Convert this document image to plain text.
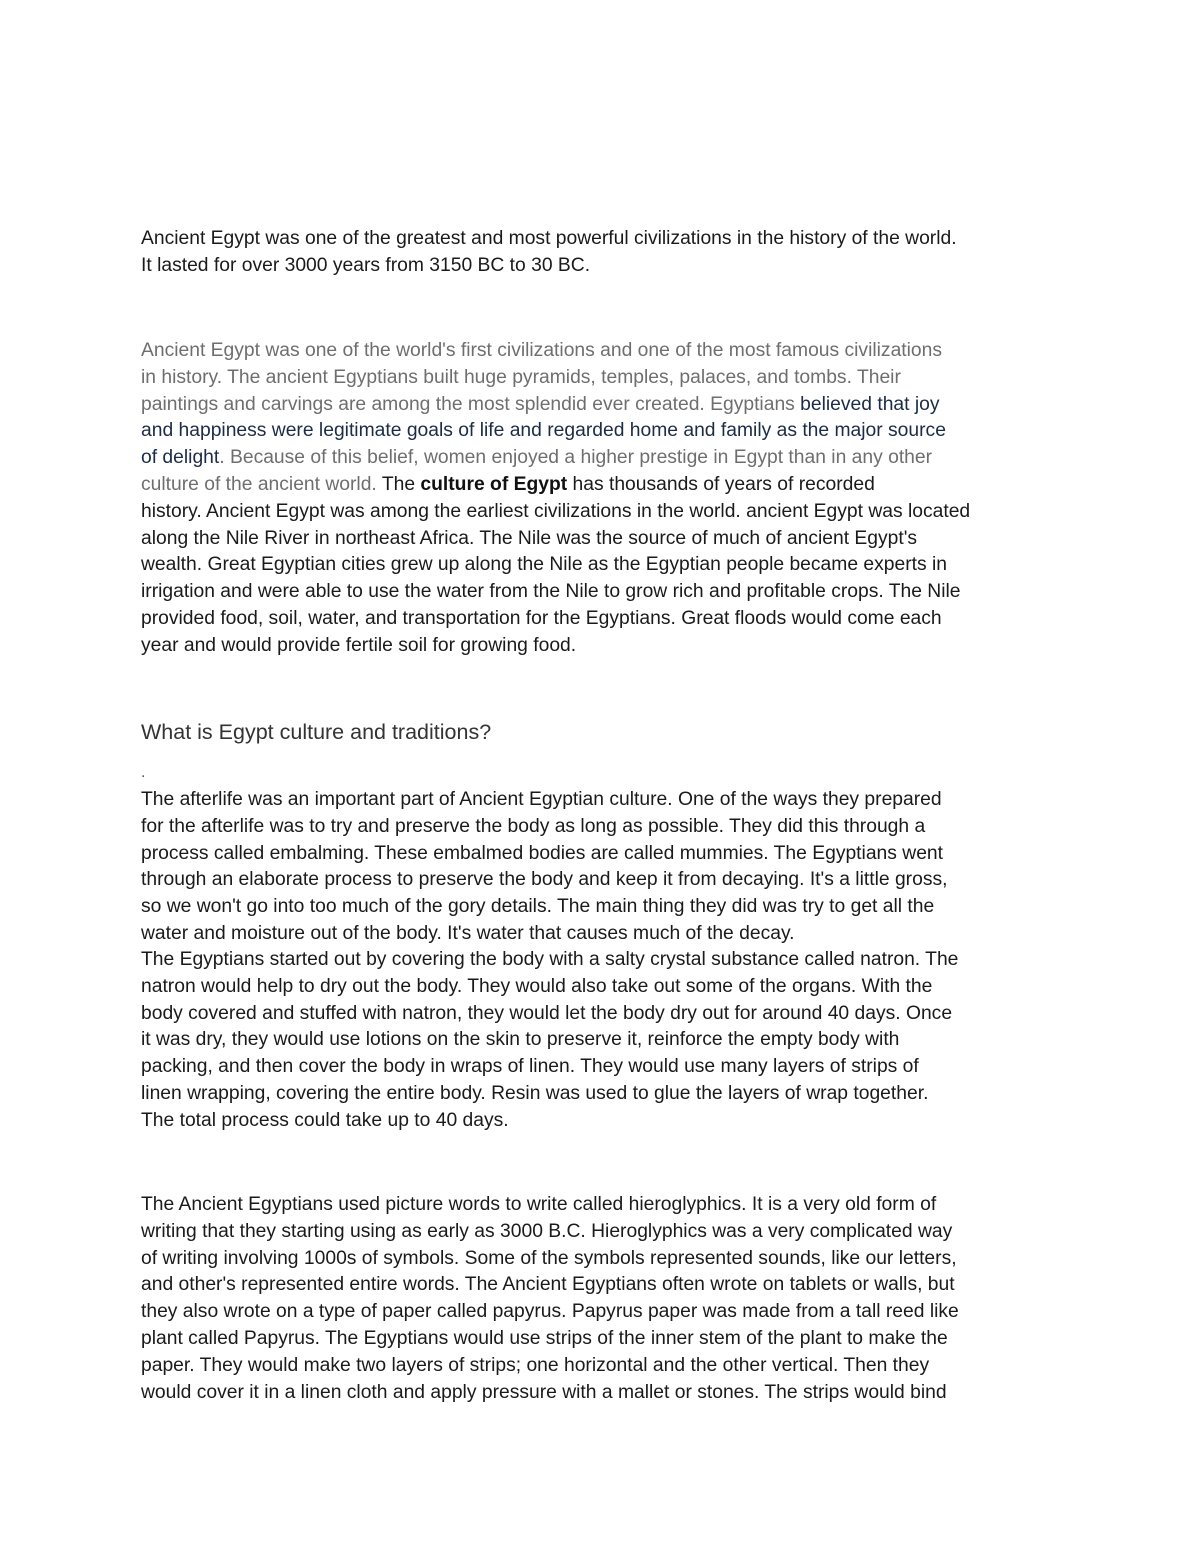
Ancient Egypt was one of the greatest and most powerful civilizations in the history of the world.
It lasted for over 3000 years from 3150 BC to 30 BC.

Ancient Egypt was one of the world's first civilizations and one of the most famous civilizations
in history. The ancient Egyptians built huge pyramids, temples, palaces, and tombs. Their
paintings and carvings are among the most splendid ever created. Egyptians believed that joy
and happiness were legitimate goals of life and regarded home and family as the major source
of delight. Because of this belief, women enjoyed a higher prestige in Egypt than in any other
culture of the ancient world. The culture of Egypt has thousands of years of recorded
history. Ancient Egypt was among the earliest civilizations in the world. ancient Egypt was located
along the Nile River in northeast Africa. The Nile was the source of much of ancient Egypt's
wealth. Great Egyptian cities grew up along the Nile as the Egyptian people became experts in
irrigation and were able to use the water from the Nile to grow rich and profitable crops. The Nile
provided food, soil, water, and transportation for the Egyptians. Great floods would come each
year and would provide fertile soil for growing food.

What is Egypt culture and traditions?
.

The afterlife was an important part of Ancient Egyptian culture. One of the ways they prepared
for the afterlife was to try and preserve the body as long as possible. They did this through a
process called embalming. These embalmed bodies are called mummies. The Egyptians went
through an elaborate process to preserve the body and keep it from decaying. It's a little gross,
so we won't go into too much of the gory details. The main thing they did was try to get all the
water and moisture out of the body. It's water that causes much of the decay.

The Egyptians started out by covering the body with a salty crystal substance called natron. The
natron would help to dry out the body. They would also take out some of the organs. With the
body covered and stuffed with natron, they would let the body dry out for around 40 days. Once
it was dry, they would use lotions on the skin to preserve it, reinforce the empty body with
packing, and then cover the body in wraps of linen. They would use many layers of strips of
linen wrapping, covering the entire body. Resin was used to glue the layers of wrap together.
The total process could take up to 40 days.

The Ancient Egyptians used picture words to write called hieroglyphics. It is a very old form of
writing that they starting using as early as 3000 B.C. Hieroglyphics was a very complicated way
of writing involving 1000s of symbols. Some of the symbols represented sounds, like our letters,
and other's represented entire words. The Ancient Egyptians often wrote on tablets or walls, but
they also wrote on a type of paper called papyrus. Papyrus paper was made from a tall reed like
plant called Papyrus. The Egyptians would use strips of the inner stem of the plant to make the
paper. They would make two layers of strips; one horizontal and the other vertical. Then they
would cover it in a linen cloth and apply pressure with a mallet or stones. The strips would bind
